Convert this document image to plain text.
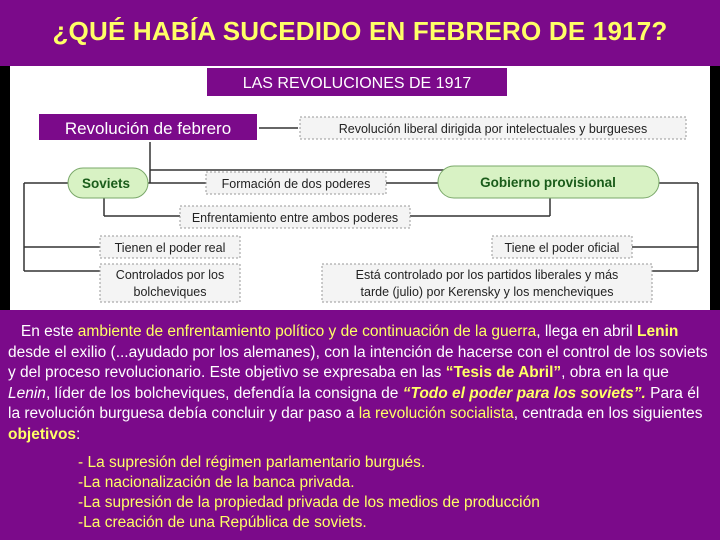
¿QUÉ HABÍA SUCEDIDO EN FEBRERO DE 1917?
LAS REVOLUCIONES DE 1917
Revolución de febrero	Revolución liberal dirigida por intelectuales y burgueses
Soviets	Formación de dos poderes	Gobierno provisional
Enfrentamiento entre ambos poderes
Tienen el poder real	Tiene el poder oficial
Controlados por los
bolcheviques
Está controlado por los partidos liberales y más
tarde (julio) por Kerensky y los mencheviques
En este ambiente de enfrentamiento político y de continuación de la guerra, llega en abril Lenin desde el exilio (...ayudado por los alemanes), con la intención de hacerse con el control de los soviets y del proceso revolucionario. Este objetivo se expresaba en las “Tesis de Abril”, obra en la que Lenin, líder de los bolcheviques, defendía la consigna de “Todo el poder para los soviets”. Para él la revolución burguesa debía concluir y dar paso a la revolución socialista, centrada en los siguientes objetivos:
- La supresión del régimen parlamentario burgués.
-La nacionalización de la banca privada.
-La supresión de la propiedad privada de los medios de producción
-La creación de una República de soviets.
